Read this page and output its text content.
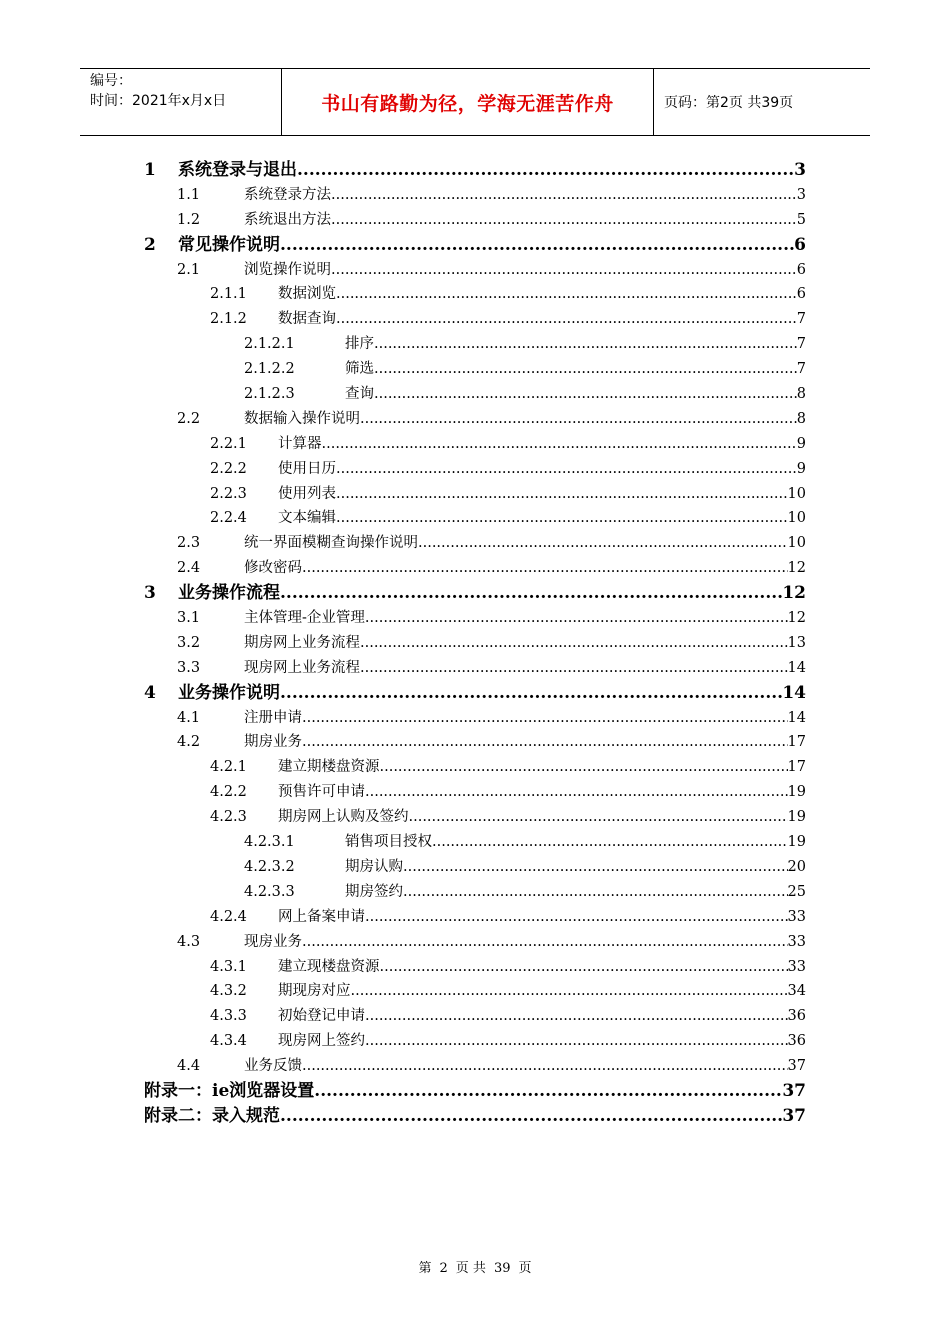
编号：
时间：2021年x月x日	书山有路勤为径，学海无涯苦作舟	页码：第2页 共39页
1	系统登录与退出 .....	3
1.1	系统登录方法 .....	3
1.2	系统退出方法 .....	5
2	常见操作说明 .....	6
2.1	浏览操作说明 .....	6
2.1.1	数据浏览 .....	6
2.1.2	数据查询 .....	7
2.1.2.1	排序 .....	7
2.1.2.2	筛选 .....	7
2.1.2.3	查询 .....	8
2.2	数据输入操作说明 .....	8
2.2.1	计算器 .....	9
2.2.2	使用日历 .....	9
2.2.3	使用列表 .....	10
2.2.4	文本编辑 .....	10
2.3	统一界面模糊查询操作说明 .....	10
2.4	修改密码 .....	12
3	业务操作流程 .....	12
3.1	主体管理-企业管理 .....	12
3.2	期房网上业务流程 .....	13
3.3	现房网上业务流程 .....	14
4	业务操作说明 .....	14
4.1	注册申请 .....	14
4.2	期房业务 .....	17
4.2.1	建立期楼盘资源 .....	17
4.2.2	预售许可申请 .....	19
4.2.3	期房网上认购及签约 .....	19
4.2.3.1	销售项目授权 .....	19
4.2.3.2	期房认购 .....	20
4.2.3.3	期房签约 .....	25
4.2.4	网上备案申请 .....	33
4.3	现房业务 .....	33
4.3.1	建立现楼盘资源 .....	33
4.3.2	期现房对应 .....	34
4.3.3	初始登记申请 .....	36
4.3.4	现房网上签约 .....	36
4.4	业务反馈 .....	37
附录一：ie浏览器设置 .....	37
附录二：录入规范 .....	37
第 2 页 共 39 页
